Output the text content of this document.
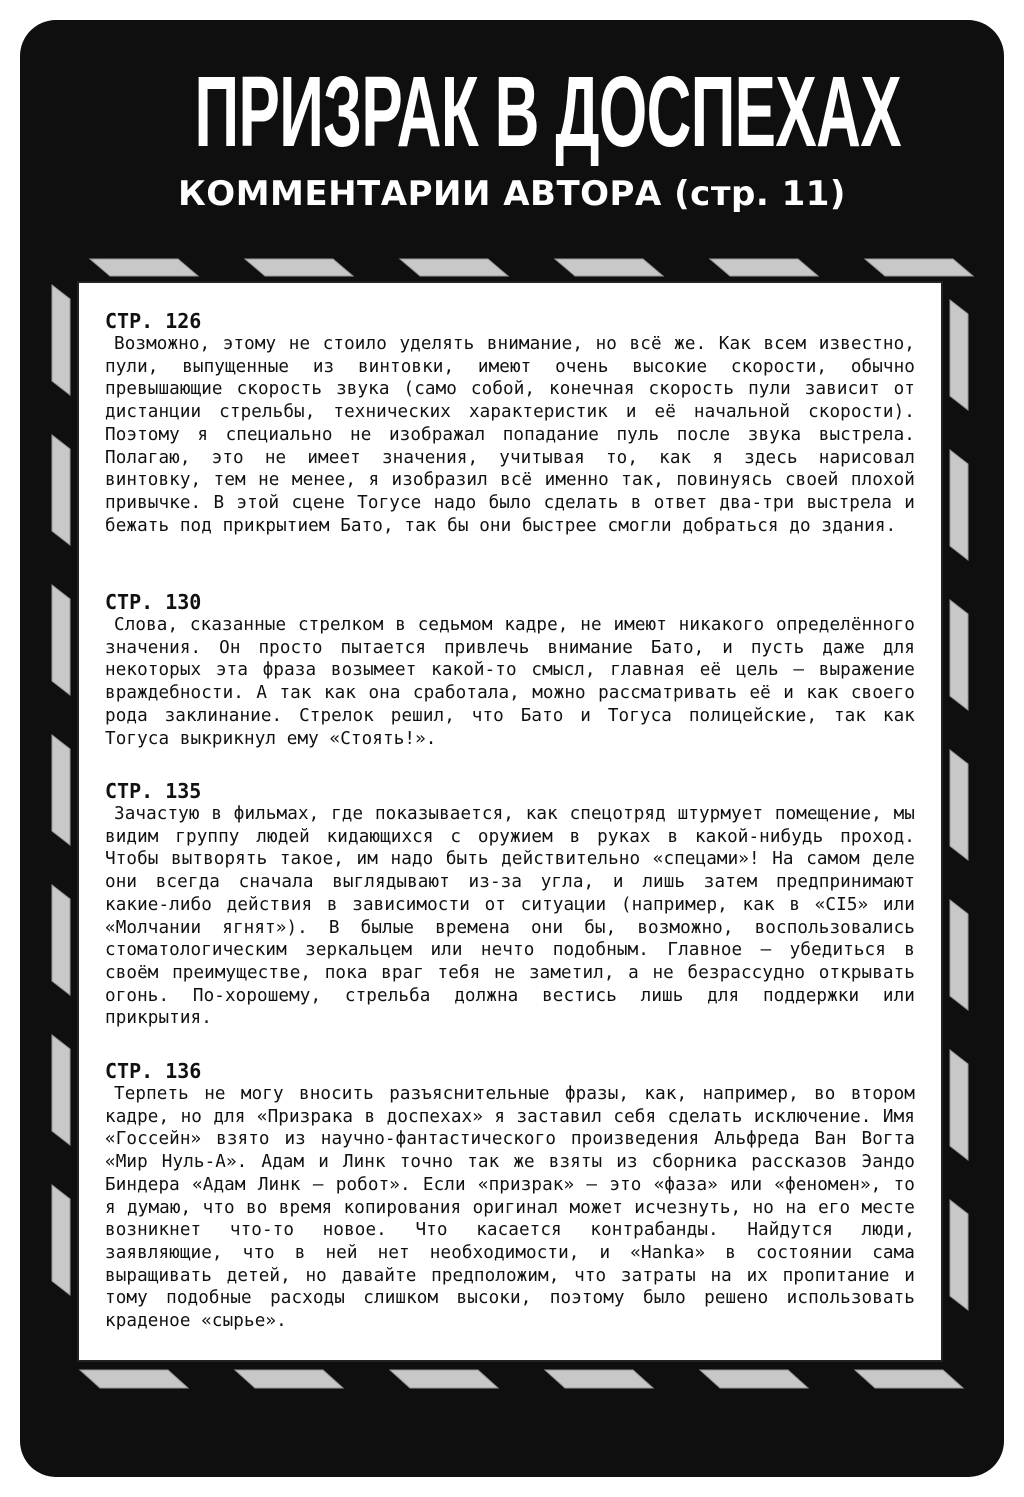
ПРИЗРАК В ДОСПЕХАХ
КОММЕНТАРИИ АВТОРА (стр. 11)

СТР. 126

Возможно, этому не стоило уделять внимание, но всё же. Как всем известно, пули, выпущенные из винтовки, имеют очень высокие скорости, обычно превышающие скорость звука (само собой, конечная скорость пули зависит от дистанции стрельбы, технических характеристик и её начальной скорости). Поэтому я специально не изображал попадание пуль после звука выстрела. Полагаю, это не имеет значения, учитывая то, как я здесь нарисовал винтовку, тем не менее, я изобразил всё именно так, повинуясь своей плохой привычке. В этой сцене Тогусе надо было сделать в ответ два-три выстрела и бежать под прикрытием Бато, так бы они быстрее смогли добраться до здания.

СТР. 130

Слова, сказанные стрелком в седьмом кадре, не имеют никакого определённого значения. Он просто пытается привлечь внимание Бато, и пусть даже для некоторых эта фраза возымеет какой-то смысл, главная её цель – выражение враждебности. А так как она сработала, можно рассматривать её и как своего рода заклинание. Стрелок решил, что Бато и Тогуса полицейские, так как Тогуса выкрикнул ему «Стоять!».

СТР. 135

Зачастую в фильмах, где показывается, как спецотряд штурмует помещение, мы видим группу людей кидающихся с оружием в руках в какой-нибудь проход. Чтобы вытворять такое, им надо быть действительно «спецами»! На самом деле они всегда сначала выглядывают из-за угла, и лишь затем предпринимают какие-либо действия в зависимости от ситуации (например, как в «CI5» или «Молчании ягнят»). В былые времена они бы, возможно, воспользовались стоматологическим зеркальцем или нечто подобным. Главное – убедиться в своём преимуществе, пока враг тебя не заметил, а не безрассудно открывать огонь. По-хорошему, стрельба должна вестись лишь для поддержки или прикрытия.

СТР. 136

Терпеть не могу вносить разъяснительные фразы, как, например, во втором кадре, но для «Призрака в доспехах» я заставил себя сделать исключение. Имя «Госсейн» взято из научно-фантастического произведения Альфреда Ван Вогта «Мир Нуль-А». Адам и Линк точно так же взяты из сборника рассказов Эандо Биндера «Адам Линк – робот». Если «призрак» – это «фаза» или «феномен», то я думаю, что во время копирования оригинал может исчезнуть, но на его месте возникнет что-то новое. Что касается контрабанды. Найдутся люди, заявляющие, что в ней нет необходимости, и «Hanka» в состоянии сама выращивать детей, но давайте предположим, что затраты на их пропитание и тому подобные расходы слишком высоки, поэтому было решено использовать краденое «сырье».
